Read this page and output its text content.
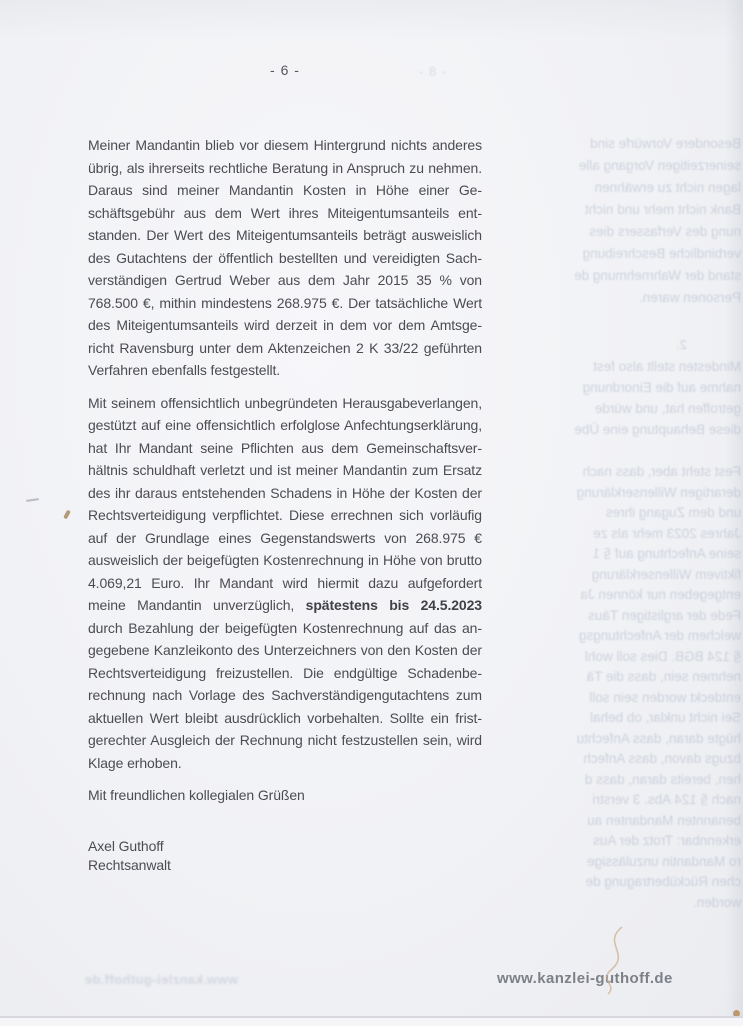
- 8 -
Besondere Vorwürfe sind
seinerzeitigen Vorgang alle
lagen nicht zu erwähnen
Bank nicht mehr und nicht
nung des Verfassers dies
verbindliche Beschreibung
stand der Wahrnehmung de
Personen waren.
2.
Mindesten stellt also fest
nahme auf die Einordnung
getroffen hat, und würde
diese Behauptung eine Übe
Fest steht aber, dass nach
derartigen Willenserklärung
und dem Zugang ihres
Jahres 2023 mehr als ze
seine Anfechtung auf § 1
fiktivem Willenserklärung
entgegeben nur können Ja
Fede der arglistigen Täus
welchem der Anfechtungsg
§ 124 BGB. Dies soll wohl
nehmen sein, dass die Tä
entdeckt worden sein soll
Sei nicht unklar, ob behal
hügte daran, dass Anfechtu
bzugs davon, dass Anfech
hen, bereits daran, dass d
nach § 124 Abs. 3 verstri
benannten Mandanten au
erkennbar: Trotz der Aus
ro Mandantin unzulässige
chen Rückübertragung de
worden.
www.kanzlei-guthoff.de
- 6 -

Meiner Mandantin blieb vor diesem Hintergrund nichts anderes übrig, als ihrerseits rechtliche Beratung in Anspruch zu nehmen. Daraus sind meiner Mandantin Kosten in Höhe einer Geschäftsgebühr aus dem Wert ihres Miteigentumsanteils entstanden. Der Wert des Miteigentumsanteils beträgt ausweislich des Gutachtens der öffentlich bestellten und vereidigten Sachverständigen Gertrud Weber aus dem Jahr 2015 35 % von 768.500 €, mithin mindestens 268.975 €. Der tatsächliche Wert des Miteigentumsanteils wird derzeit in dem vor dem Amtsgericht Ravensburg unter dem Aktenzeichen 2 K 33/22 geführten Verfahren ebenfalls festgestellt.

Mit seinem offensichtlich unbegründeten Herausgabeverlangen, gestützt auf eine offensichtlich erfolglose Anfechtungserklärung, hat Ihr Mandant seine Pflichten aus dem Gemeinschaftsverhältnis schuldhaft verletzt und ist meiner Mandantin zum Ersatz des ihr daraus entstehenden Schadens in Höhe der Kosten der Rechtsverteidigung verpflichtet. Diese errechnen sich vorläufig auf der Grundlage eines Gegenstandswerts von 268.975 € ausweislich der beigefügten Kostenrechnung in Höhe von brutto 4.069,21 Euro. Ihr Mandant wird hiermit dazu aufgefordert meine Mandantin unverzüglich, spätestens bis 24.5.2023 durch Bezahlung der beigefügten Kostenrechnung auf das angegebene Kanzleikonto des Unterzeichners von den Kosten der Rechtsverteidigung freizustellen. Die endgültige Schadenberechnung nach Vorlage des Sachverständigengutachtens zum aktuellen Wert bleibt ausdrücklich vorbehalten. Sollte ein fristgerechter Ausgleich der Rechnung nicht festzustellen sein, wird Klage erhoben.

Mit freundlichen kollegialen Grüßen

Axel Guthoff
Rechtsanwalt
www.kanzlei-guthoff.de
